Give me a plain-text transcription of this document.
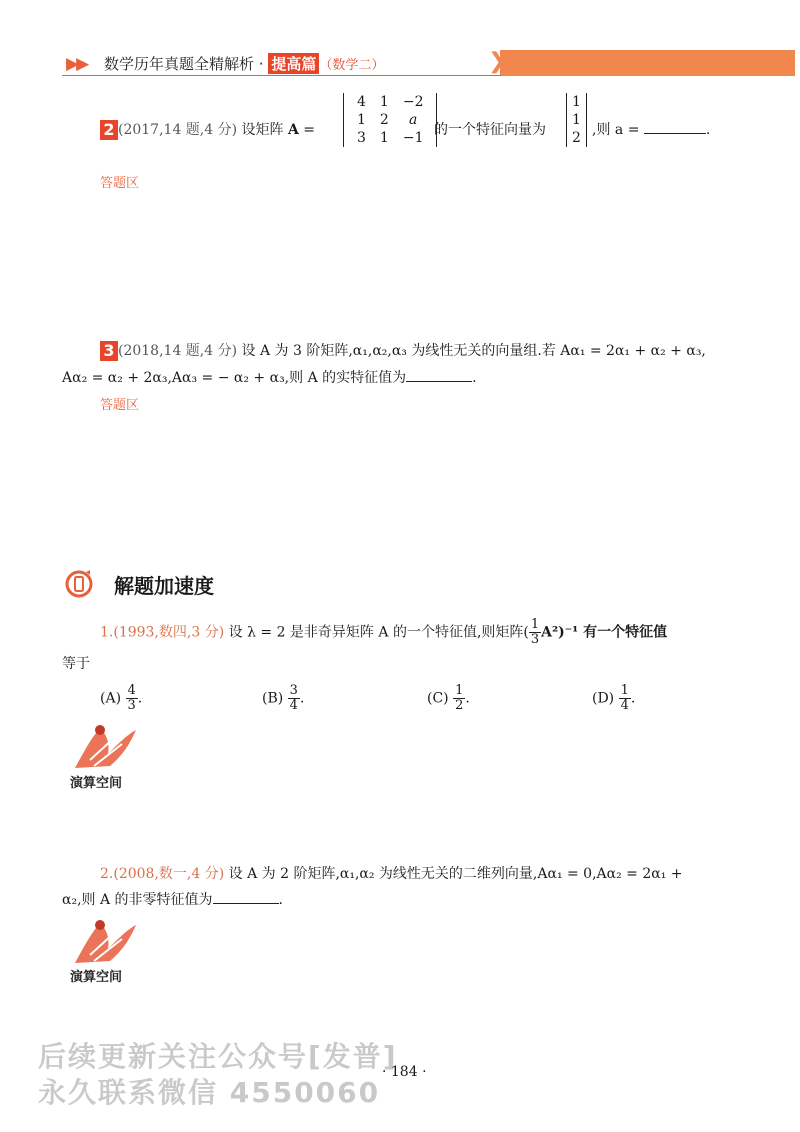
▶▶ 数学历年真题全精解析 · 提高篇 （数学二）	❯❯
2 (2017,14 题,4 分) 设矩阵 A =
4	1	−2
1	2	a
3	1	−1 的一个特征向量为
1
1
2 ,则 a =	.
答题区
3 (2018,14 题,4 分) 设 A 为 3 阶矩阵,α₁,α₂,α₃ 为线性无关的向量组.若 Aα₁ = 2α₁ + α₂ + α₃,
Aα₂ = α₂ + 2α₃,Aα₃ = − α₂ + α₃,则 A 的实特征值为	.
答题区
解题加速度
1.(1993,数四,3 分) 设 λ = 2 是非奇异矩阵 A 的一个特征值,则矩阵( $\frac{1}{3} A^2)^{-1}$ 有一个特征值
等于
$(A) \frac{4}{3}$ .	$(B) \frac{3}{4}$ .	$(C) \frac{1}{2}$ .	$(D) \frac{1}{4}$ .
演算空间
2.(2008,数一,4 分) 设 A 为 2 阶矩阵,α₁,α₂ 为线性无关的二维列向量,Aα₁ = 0,Aα₂ = 2α₁ +
α₂,则 A 的非零特征值为	.
演算空间
后续更新关注公众号[发普]
永久联系微信 4550060
· 184 ·
